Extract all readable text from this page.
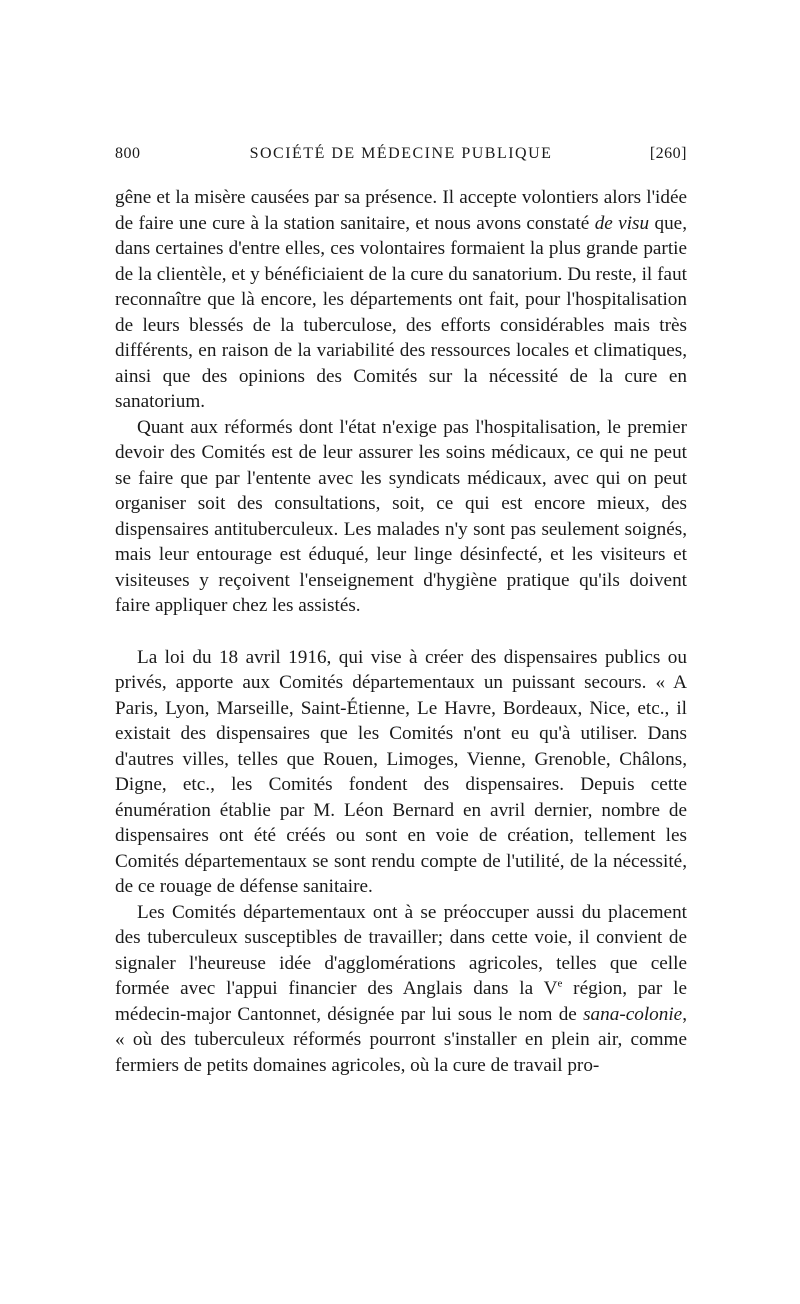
800	SOCIÉTÉ DE MÉDECINE PUBLIQUE	[260]

gêne et la misère causées par sa présence. Il accepte volontiers alors l'idée de faire une cure à la station sanitaire, et nous avons constaté de visu que, dans certaines d'entre elles, ces volontaires formaient la plus grande partie de la clientèle, et y bénéficiaient de la cure du sanatorium. Du reste, il faut reconnaître que là encore, les départements ont fait, pour l'hospitalisation de leurs blessés de la tuberculose, des efforts considérables mais très différents, en raison de la variabilité des ressources locales et climatiques, ainsi que des opinions des Comités sur la nécessité de la cure en sanatorium.

Quant aux réformés dont l'état n'exige pas l'hospitalisation, le premier devoir des Comités est de leur assurer les soins médicaux, ce qui ne peut se faire que par l'entente avec les syndicats médicaux, avec qui on peut organiser soit des consultations, soit, ce qui est encore mieux, des dispensaires antituberculeux. Les malades n'y sont pas seulement soignés, mais leur entourage est éduqué, leur linge désinfecté, et les visiteurs et visiteuses y reçoivent l'enseignement d'hygiène pratique qu'ils doivent faire appliquer chez les assistés.

La loi du 18 avril 1916, qui vise à créer des dispensaires publics ou privés, apporte aux Comités départementaux un puissant secours. « A Paris, Lyon, Marseille, Saint-Étienne, Le Havre, Bordeaux, Nice, etc., il existait des dispensaires que les Comités n'ont eu qu'à utiliser. Dans d'autres villes, telles que Rouen, Limoges, Vienne, Grenoble, Châlons, Digne, etc., les Comités fondent des dispensaires. Depuis cette énumération établie par M. Léon Bernard en avril dernier, nombre de dispensaires ont été créés ou sont en voie de création, tellement les Comités départementaux se sont rendu compte de l'utilité, de la nécessité, de ce rouage de défense sanitaire.

Les Comités départementaux ont à se préoccuper aussi du placement des tuberculeux susceptibles de travailler; dans cette voie, il convient de signaler l'heureuse idée d'agglomérations agricoles, telles que celle formée avec l'appui financier des Anglais dans la Ve région, par le médecin-major Cantonnet, désignée par lui sous le nom de sana-colonie, « où des tuberculeux réformés pourront s'installer en plein air, comme fermiers de petits domaines agricoles, où la cure de travail pro-
